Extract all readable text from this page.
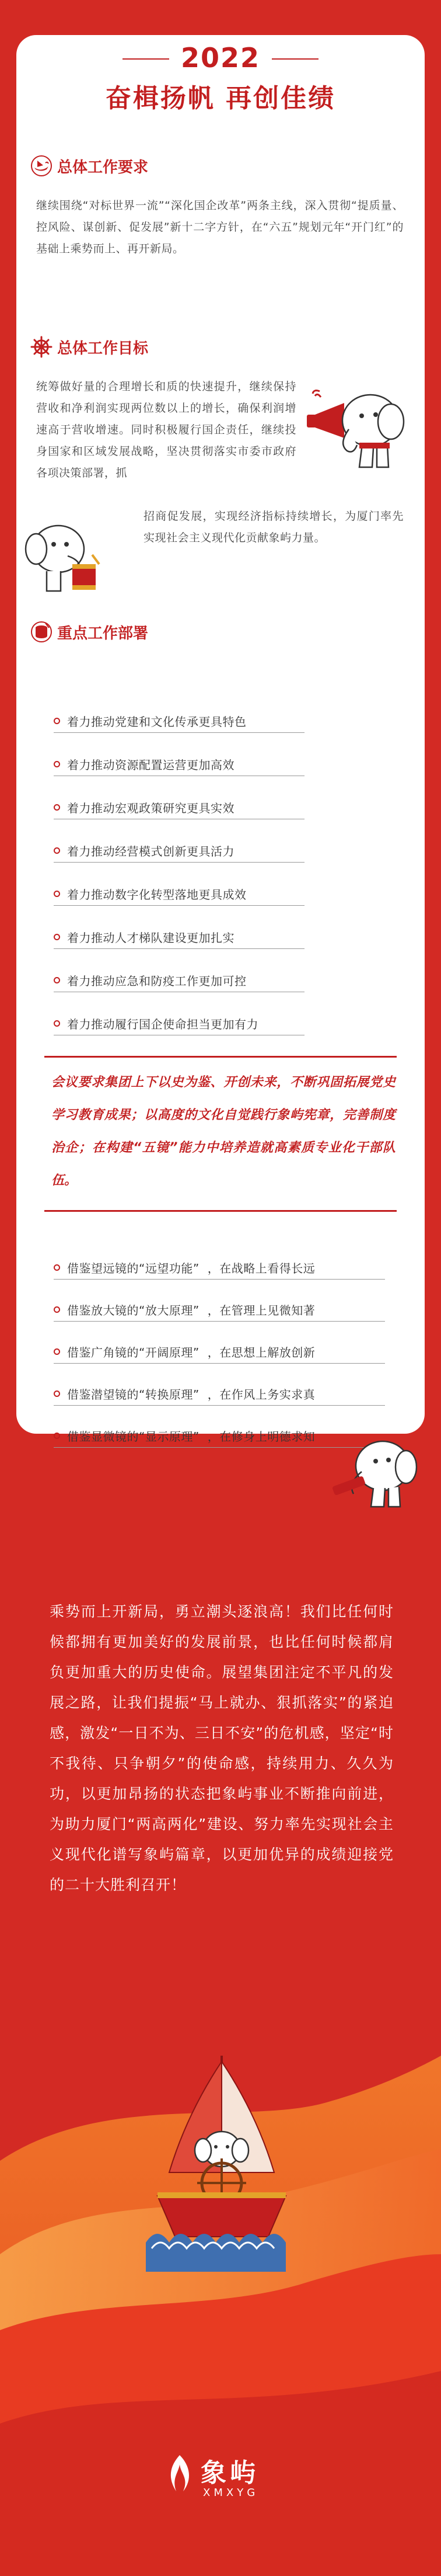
2022
奋楫扬帆 再创佳绩
总体工作要求
继续围绕“对标世界一流”“深化国企改革”两条主线，深入贯彻“提质量、控风险、谋创新、促发展”新十二字方针，在“六五”规划元年“开门红”的基础上乘势而上、再开新局。
总体工作目标
统筹做好量的合理增长和质的快速提升，继续保持营收和净利润实现两位数以上的增长，确保利润增速高于营收增速。同时积极履行国企责任，继续投身国家和区域发展战略，坚决贯彻落实市委市政府各项决策部署，抓
招商促发展，实现经济指标持续增长，为厦门率先实现社会主义现代化贡献象屿力量。
重点工作部署
着力推动党建和文化传承更具特色
着力推动资源配置运营更加高效
着力推动宏观政策研究更具实效
着力推动经营模式创新更具活力
着力推动数字化转型落地更具成效
着力推动人才梯队建设更加扎实
着力推动应急和防疫工作更加可控
着力推动履行国企使命担当更加有力
会议要求集团上下以史为鉴、开创未来，不断巩固拓展党史学习教育成果；以高度的文化自觉践行象屿宪章，完善制度治企；在构建“五镜”能力中培养造就高素质专业化干部队伍。
借鉴望远镜的“远望功能” ， 在战略上看得长远
借鉴放大镜的“放大原理” ， 在管理上见微知著
借鉴广角镜的“开阔原理” ， 在思想上解放创新
借鉴潜望镜的“转换原理” ， 在作风上务实求真
借鉴显微镜的“显示原理” ， 在修身上明德求知
乘势而上开新局，勇立潮头逐浪高！我们比任何时候都拥有更加美好的发展前景，也比任何时候都肩负更加重大的历史使命。展望集团注定不平凡的发展之路，让我们提振“马上就办、狠抓落实”的紧迫感，激发“一日不为、三日不安”的危机感，坚定“时不我待、只争朝夕”的使命感，持续用力、久久为功，以更加昂扬的状态把象屿事业不断推向前进，为助力厦门“两高两化”建设、努力率先实现社会主义现代化谱写象屿篇章，以更加优异的成绩迎接党的二十大胜利召开！
象屿
XMXYG
